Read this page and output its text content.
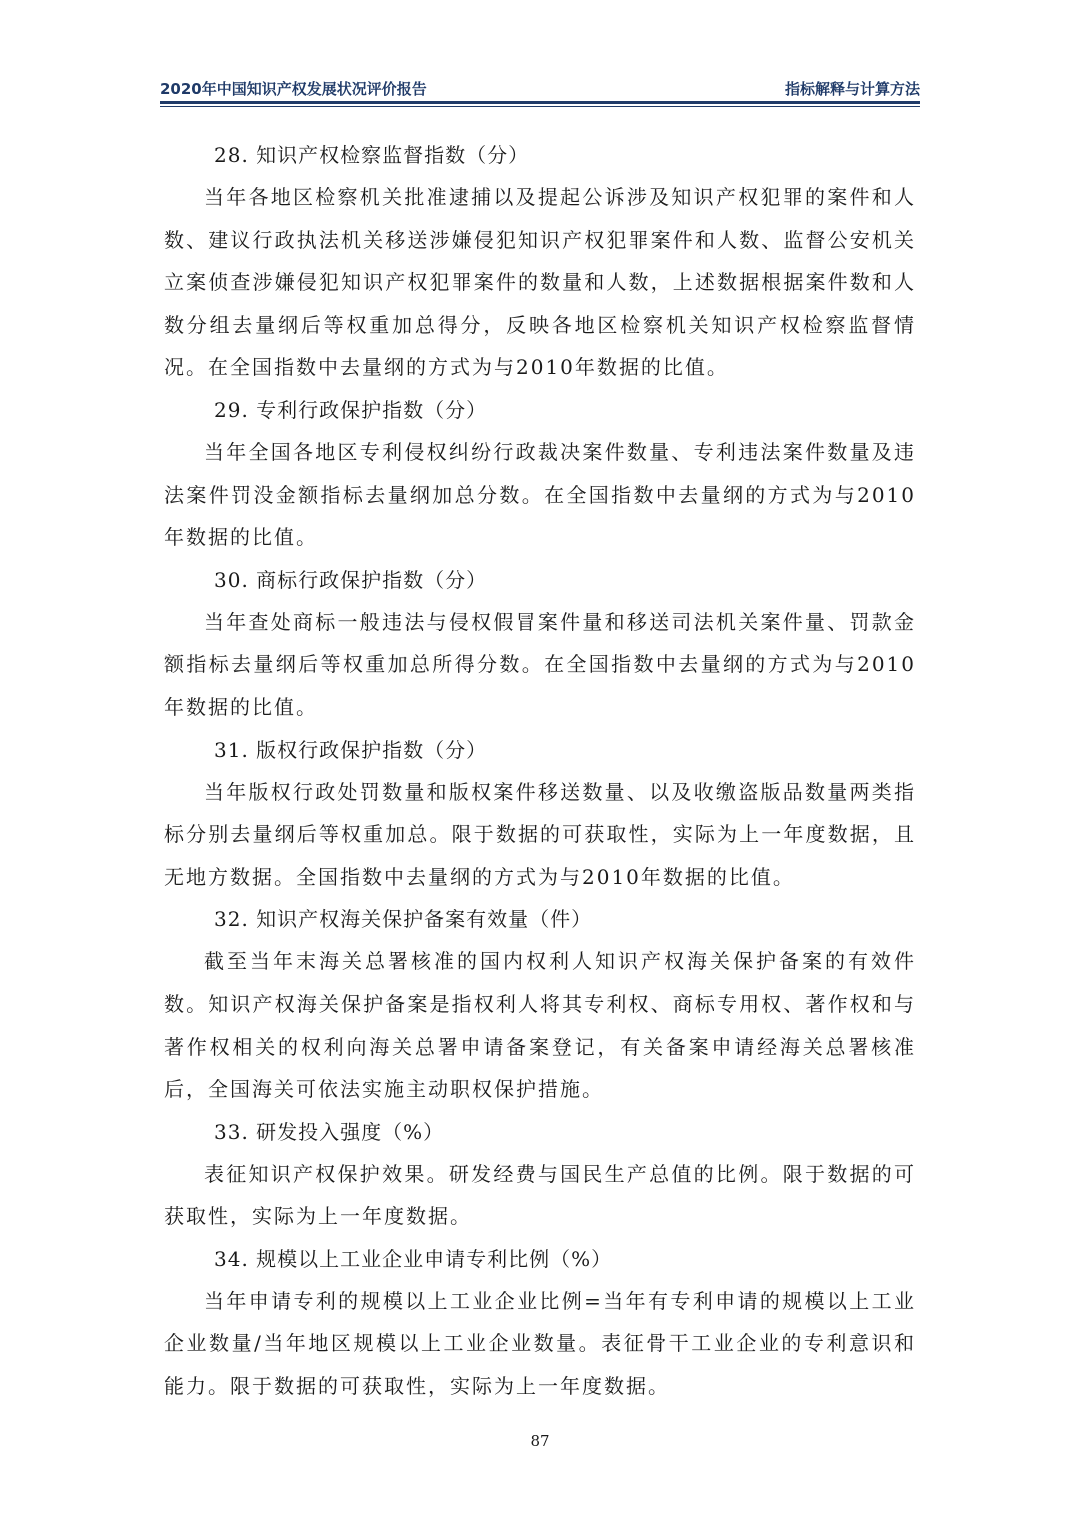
2020年中国知识产权发展状况评价报告	指标解释与计算方法
28. 知识产权检察监督指数（分）

当年各地区检察机关批准逮捕以及提起公诉涉及知识产权犯罪的案件和人数、建议行政执法机关移送涉嫌侵犯知识产权犯罪案件和人数、监督公安机关立案侦查涉嫌侵犯知识产权犯罪案件的数量和人数，上述数据根据案件数和人数分组去量纲后等权重加总得分，反映各地区检察机关知识产权检察监督情况。在全国指数中去量纲的方式为与2010年数据的比值。

29. 专利行政保护指数（分）

当年全国各地区专利侵权纠纷行政裁决案件数量、专利违法案件数量及违法案件罚没金额指标去量纲加总分数。在全国指数中去量纲的方式为与2010年数据的比值。

30. 商标行政保护指数（分）

当年查处商标一般违法与侵权假冒案件量和移送司法机关案件量、罚款金额指标去量纲后等权重加总所得分数。在全国指数中去量纲的方式为与2010年数据的比值。

31. 版权行政保护指数（分）

当年版权行政处罚数量和版权案件移送数量、以及收缴盗版品数量两类指标分别去量纲后等权重加总。限于数据的可获取性，实际为上一年度数据，且无地方数据。全国指数中去量纲的方式为与2010年数据的比值。

32. 知识产权海关保护备案有效量（件）

截至当年末海关总署核准的国内权利人知识产权海关保护备案的有效件数。知识产权海关保护备案是指权利人将其专利权、商标专用权、著作权和与著作权相关的权利向海关总署申请备案登记，有关备案申请经海关总署核准后，全国海关可依法实施主动职权保护措施。

33. 研发投入强度（%）

表征知识产权保护效果。研发经费与国民生产总值的比例。限于数据的可获取性，实际为上一年度数据。

34. 规模以上工业企业申请专利比例（%）

当年申请专利的规模以上工业企业比例=当年有专利申请的规模以上工业企业数量/当年地区规模以上工业企业数量。表征骨干工业企业的专利意识和能力。限于数据的可获取性，实际为上一年度数据。

87
